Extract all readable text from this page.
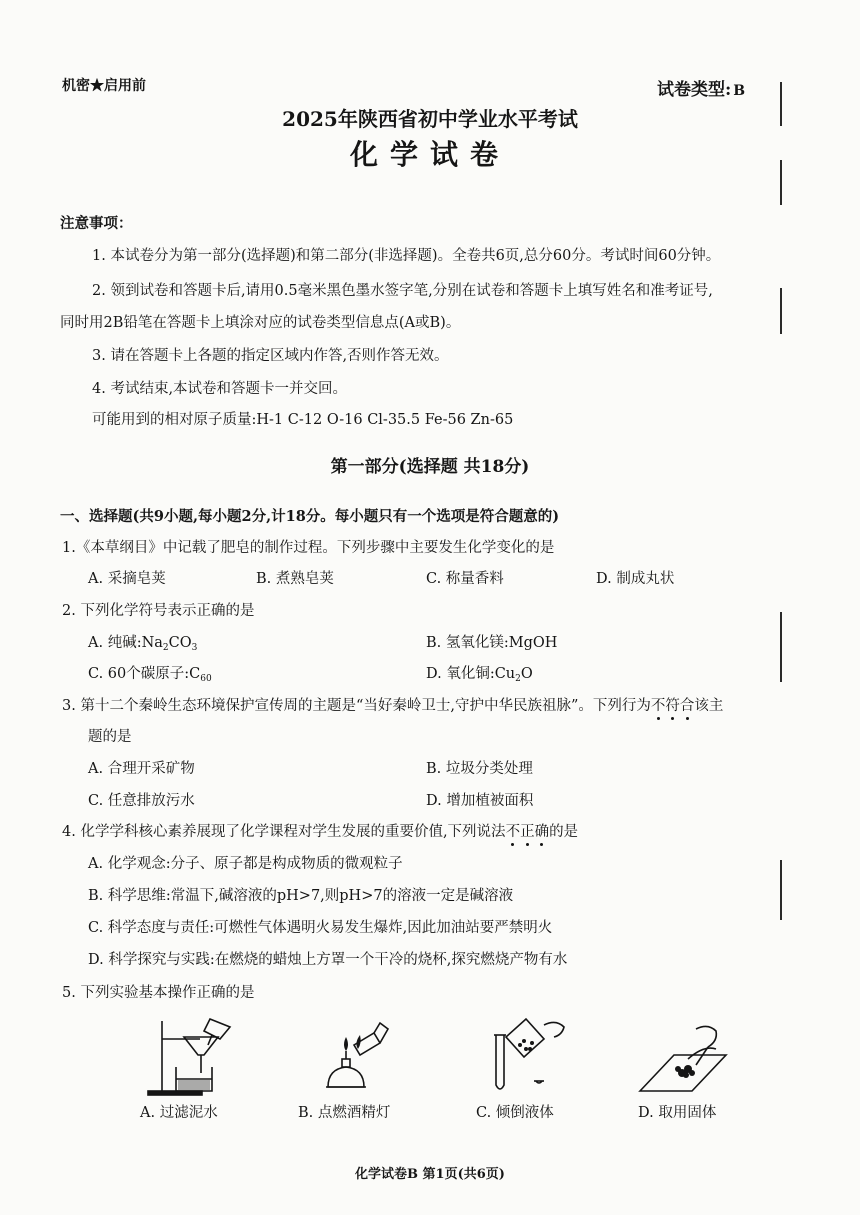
机密★启用前	试卷类型: B
2025年陕西省初中学业水平考试
化学试卷
注意事项：
1. 本试卷分为第一部分(选择题)和第二部分(非选择题)。全卷共6页,总分60分。考试时间60分钟。
2. 领到试卷和答题卡后,请用0.5毫米黑色墨水签字笔,分别在试卷和答题卡上填写姓名和准考证号,
同时用2B铅笔在答题卡上填涂对应的试卷类型信息点(A或B)。
3. 请在答题卡上各题的指定区域内作答,否则作答无效。
4. 考试结束,本试卷和答题卡一并交回。
可能用到的相对原子质量:H-1 C-12 O-16 Cl-35.5 Fe-56 Zn-65
第一部分(选择题 共18分)
一、选择题(共9小题,每小题2分,计18分。每小题只有一个选项是符合题意的)
1.《本草纲目》中记载了肥皂的制作过程。下列步骤中主要发生化学变化的是
A. 采摘皂荚	B. 煮熟皂荚	C. 称量香料	D. 制成丸状
2. 下列化学符号表示正确的是
A. 纯碱$:Na_2CO_3$	B. 氢氧化镁:MgOH
C. 60个碳原子$:C_{60}$	D. 氧化铜$:Cu_2O$
3. 第十二个秦岭生态环境保护宣传周的主题是“当好秦岭卫士,守护中华民族祖脉”。下列行为不符合该主
题的是
A. 合理开采矿物	B. 垃圾分类处理
C. 任意排放污水	D. 增加植被面积
4. 化学学科核心素养展现了化学课程对学生发展的重要价值,下列说法不正确的是
A. 化学观念:分子、原子都是构成物质的微观粒子
B. 科学思维:常温下,碱溶液的pH>7,则pH>7的溶液一定是碱溶液
C. 科学态度与责任:可燃性气体遇明火易发生爆炸,因此加油站要严禁明火
D. 科学探究与实践:在燃烧的蜡烛上方罩一个干冷的烧杯,探究燃烧产物有水
5. 下列实验基本操作正确的是
A. 过滤泥水	B. 点燃酒精灯	C. 倾倒液体	D. 取用固体
化学试卷B 第1页(共6页)
